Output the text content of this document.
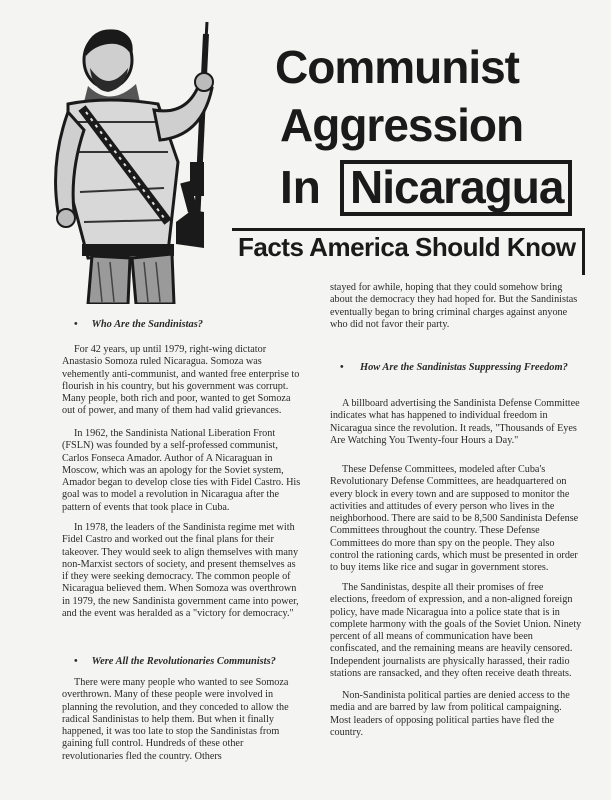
Communist
Aggression
In Nicaragua
Facts America Should Know
• Who Are the Sandinistas?

For 42 years, up until 1979, right-wing dictator Anastasio Somoza ruled Nicaragua. Somoza was vehemently anti-communist, and wanted free enterprise to flourish in his country, but his government was corrupt. Many people, both rich and poor, wanted to get Somoza out of power, and many of them had valid grievances.

In 1962, the Sandinista National Liberation Front (FSLN) was founded by a self-professed communist, Carlos Fonseca Amador. Author of A Nicaraguan in Moscow, which was an apology for the Soviet system, Amador began to develop close ties with Fidel Castro. His goal was to model a revolution in Nicaragua after the pattern of events that took place in Cuba.

In 1978, the leaders of the Sandinista regime met with Fidel Castro and worked out the final plans for their takeover. They would seek to align themselves with many non-Marxist sectors of society, and present themselves as if they were seeking democracy. The common people of Nicaragua believed them. When Somoza was overthrown in 1979, the new Sandinista government came into power, and the event was heralded as a "victory for democracy."

• Were All the Revolutionaries Communists?

There were many people who wanted to see Somoza overthrown. Many of these people were involved in planning the revolution, and they conceded to allow the radical Sandinistas to help them. But when it finally happened, it was too late to stop the Sandinistas from gaining full control. Hundreds of these other revolutionaries fled the country. Others

stayed for awhile, hoping that they could somehow bring about the democracy they had hoped for. But the Sandinistas eventually began to bring criminal charges against anyone who did not favor their party.

• How Are the Sandinistas Suppressing Freedom?

A billboard advertising the Sandinista Defense Committee indicates what has happened to individual freedom in Nicaragua since the revolution. It reads, "Thousands of Eyes Are Watching You Twenty-four Hours a Day."

These Defense Committees, modeled after Cuba's Revolutionary Defense Committees, are headquartered on every block in every town and are supposed to monitor the activities and attitudes of every person who lives in the neighborhood. There are said to be 8,500 Sandinista Defense Committees throughout the country. These Defense Committees do more than spy on the people. They also control the rationing cards, which must be presented in order to buy items like rice and sugar in government stores.

The Sandinistas, despite all their promises of free elections, freedom of expression, and a non-aligned foreign policy, have made Nicaragua into a police state that is in complete harmony with the goals of the Soviet Union. Ninety percent of all means of communication have been confiscated, and the remaining means are heavily censored. Independent journalists are physically harassed, their radio stations are ransacked, and they often receive death threats.

Non-Sandinista political parties are denied access to the media and are barred by law from political campaigning. Most leaders of opposing political parties have fled the country.
